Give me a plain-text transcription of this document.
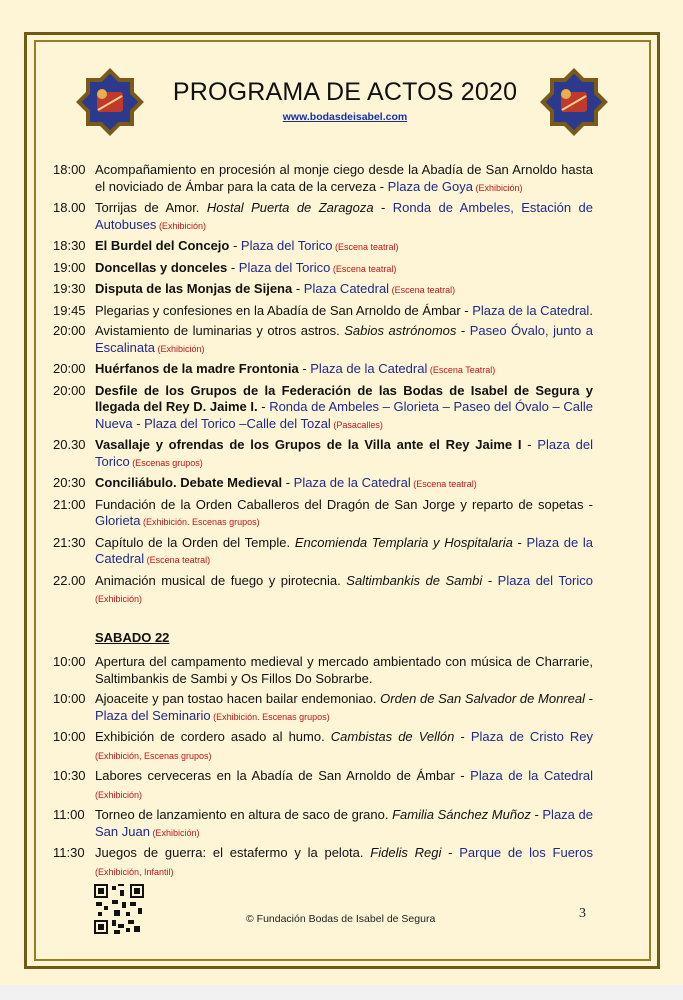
PROGRAMA DE ACTOS 2020
www.bodasdeisabel.com
18:00 Acompañamiento en procesión al monje ciego desde la Abadía de San Arnoldo hasta el noviciado de Ámbar para la cata de la cerveza - Plaza de Goya (Exhibición)
18.00 Torrijas de Amor. Hostal Puerta de Zaragoza - Ronda de Ambeles, Estación de Autobuses (Exhibición)
18:30 El Burdel del Concejo - Plaza del Torico (Escena teatral)
19:00 Doncellas y donceles - Plaza del Torico (Escena teatral)
19:30 Disputa de las Monjas de Sijena - Plaza Catedral (Escena teatral)
19:45 Plegarias y confesiones en la Abadía de San Arnoldo de Ámbar - Plaza de la Catedral.
20:00 Avistamiento de luminarias y otros astros. Sabios astrónomos - Paseo Óvalo, junto a Escalinata (Exhibición)
20:00 Huérfanos de la madre Frontonia - Plaza de la Catedral (Escena Teatral)
20:00 Desfile de los Grupos de la Federación de las Bodas de Isabel de Segura y llegada del Rey D. Jaime I. - Ronda de Ambeles – Glorieta – Paseo del Óvalo – Calle Nueva - Plaza del Torico –Calle del Tozal (Pasacalles)
20.30 Vasallaje y ofrendas de los Grupos de la Villa ante el Rey Jaime I - Plaza del Torico (Escenas grupos)
20:30 Conciliábulo. Debate Medieval - Plaza de la Catedral (Escena teatral)
21:00 Fundación de la Orden Caballeros del Dragón de San Jorge y reparto de sopetas - Glorieta (Exhibición. Escenas grupos)
21:30 Capítulo de la Orden del Temple. Encomienda Templaria y Hospitalaria - Plaza de la Catedral (Escena teatral)
22.00 Animación musical de fuego y pirotecnia. Saltimbankis de Sambi - Plaza del Torico (Exhibición)
SABADO 22
10:00 Apertura del campamento medieval y mercado ambientado con música de Charrarie, Saltimbankis de Sambi y Os Fillos Do Sobrarbe.
10:00 Ajoaceite y pan tostao hacen bailar endemoniao. Orden de San Salvador de Monreal - Plaza del Seminario (Exhibición. Escenas grupos)
10:00 Exhibición de cordero asado al humo. Cambistas de Vellón - Plaza de Cristo Rey (Exhibición, Escenas grupos)
10:30 Labores cerveceras en la Abadía de San Arnoldo de Ámbar - Plaza de la Catedral (Exhibición)
11:00 Torneo de lanzamiento en altura de saco de grano. Familia Sánchez Muñoz - Plaza de San Juan (Exhibición)
11:30 Juegos de guerra: el estafermo y la pelota. Fidelis Regi - Parque de los Fueros (Exhibición, Infantil)
© Fundación Bodas de Isabel de Segura	3
